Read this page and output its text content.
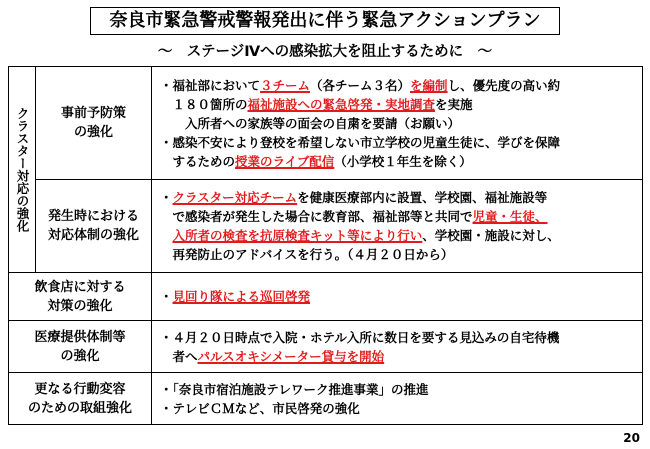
奈良市緊急警戒警報発出に伴う緊急アクションプラン
～　ステージⅣへの感染拡大を阻止するために　～
クラスター対応の強化	事前予防策
の強化	・福祉部において３チーム（各チーム３名）を編制し、優先度の高い約
　１８０箇所の福祉施設への緊急啓発・実地調査を実施
　　入所者への家族等の面会の自粛を要請（お願い）
・感染不安により登校を希望しない市立学校の児童生徒に、学びを保障
　するための授業のライブ配信（小学校１年生を除く）

	発生時における
対応体制の強化	・クラスター対応チームを健康医療部内に設置、学校園、福祉施設等
　で感染者が発生した場合に教育部、福祉部等と共同で児童・生徒、
　入所者の検査を抗原検査キット等により行い、学校園・施設に対し、
　再発防止のアドバイスを行う。（４月２０日から）

飲食店に対する
対策の強化		・見回り隊による巡回啓発

医療提供体制等
の強化		・４月２０日時点で入院・ホテル入所に数日を要する見込みの自宅待機
　者へパルスオキシメーター貸与を開始

更なる行動変容
のための取組強化		・「奈良市宿泊施設テレワーク推進事業」の推進
・テレビＣＭなど、市民啓発の強化
20
